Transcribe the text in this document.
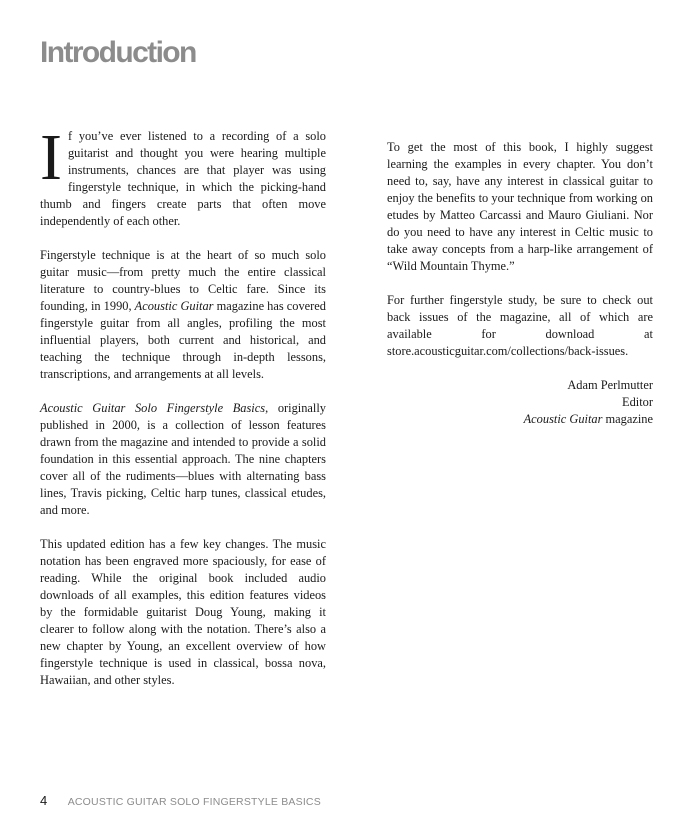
Introduction

If you’ve ever listened to a recording of a solo guitarist and thought you were hearing multiple instruments, chances are that player was using fingerstyle technique, in which the picking-hand thumb and fingers create parts that often move independently of each other.

Fingerstyle technique is at the heart of so much solo guitar music—from pretty much the entire classical literature to country-blues to Celtic fare. Since its founding, in 1990, Acoustic Guitar magazine has covered fingerstyle guitar from all angles, profiling the most influential players, both current and historical, and teaching the technique through in-depth lessons, transcriptions, and arrangements at all levels.

Acoustic Guitar Solo Fingerstyle Basics, originally published in 2000, is a collection of lesson features drawn from the magazine and intended to provide a solid foundation in this essential approach. The nine chapters cover all of the rudiments—blues with alternating bass lines, Travis picking, Celtic harp tunes, classical etudes, and more.

This updated edition has a few key changes. The music notation has been engraved more spaciously, for ease of reading. While the original book included audio downloads of all examples, this edition features videos by the formidable guitarist Doug Young, making it clearer to follow along with the notation. There’s also a new chapter by Young, an excellent overview of how fingerstyle technique is used in classical, bossa nova, Hawaiian, and other styles.

To get the most of this book, I highly suggest learning the examples in every chapter. You don’t need to, say, have any interest in classical guitar to enjoy the benefits to your technique from working on etudes by Matteo Carcassi and Mauro Giuliani. Nor do you need to have any interest in Celtic music to take away concepts from a harp-like arrangement of “Wild Mountain Thyme.”

For further fingerstyle study, be sure to check out back issues of the magazine, all of which are available for download at store.acousticguitar.com/collections/back-issues.

Adam Perlmutter
Editor
Acoustic Guitar magazine
4 ACOUSTIC GUITAR SOLO FINGERSTYLE BASICS
